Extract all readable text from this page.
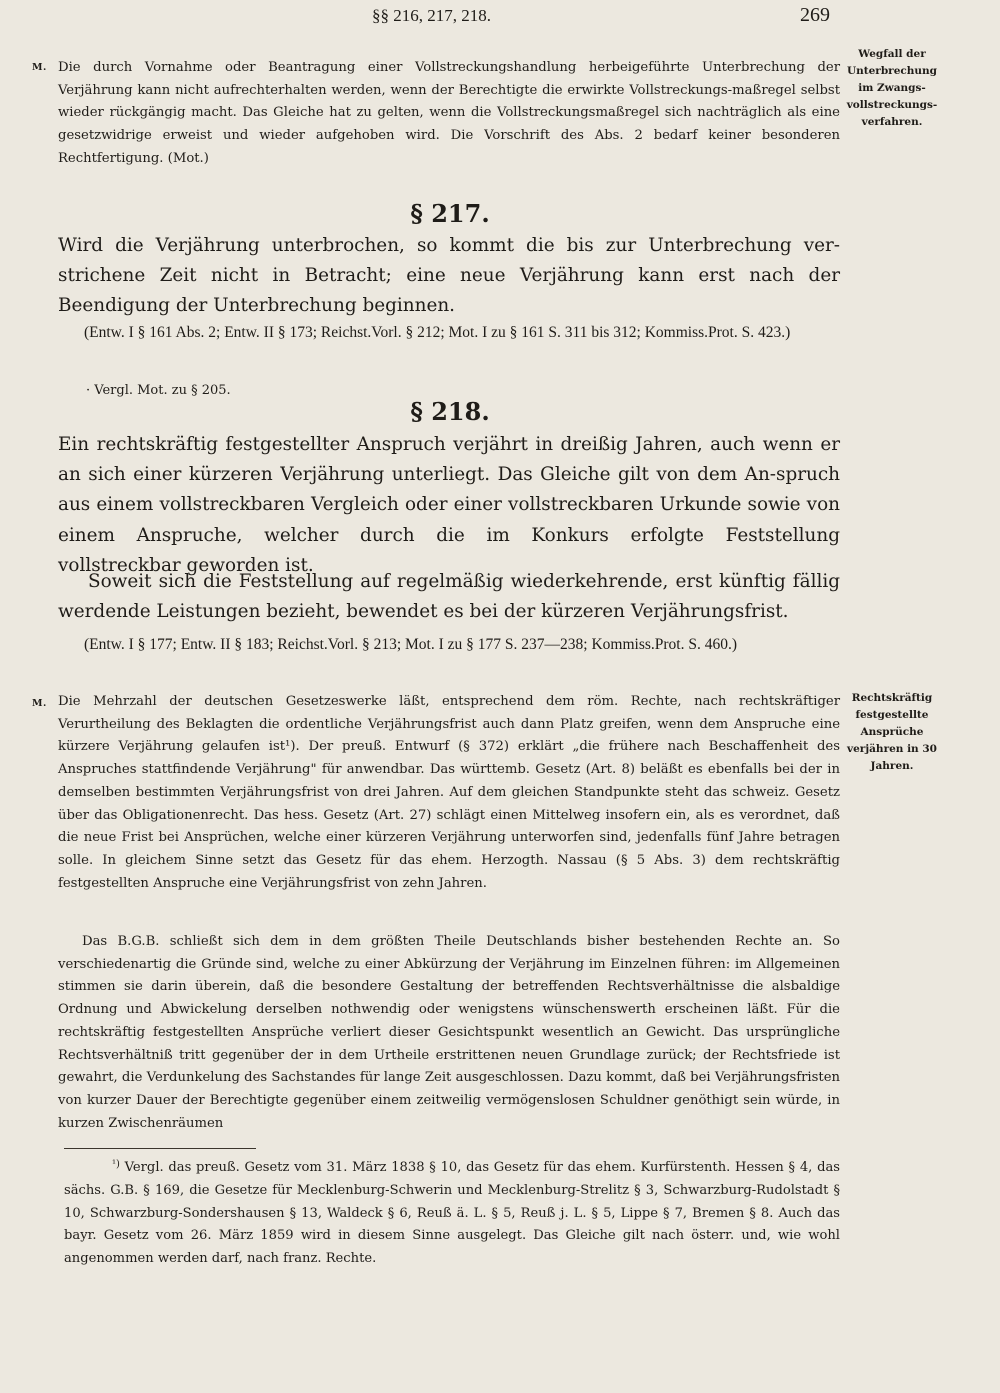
§§ 216, 217, 218.	269
M. Die durch Vornahme oder Beantragung einer Vollstreckungshandlung herbeigeführte Unterbrechung der Verjährung kann nicht aufrechterhalten werden, wenn der Berechtigte die erwirkte Vollstreckungs-maßregel selbst wieder rückgängig macht. Das Gleiche hat zu gelten, wenn die Vollstreckungsmaßregel sich nachträglich als eine gesetzwidrige erweist und wieder aufgehoben wird. Die Vorschrift des Abs. 2 bedarf keiner besonderen Rechtfertigung. (Mot.)
Wegfall der Unterbrechung im Zwangs-vollstreckungs-verfahren.
§ 217.
Wird die Verjährung unterbrochen, so kommt die bis zur Unterbrechung ver-strichene Zeit nicht in Betracht; eine neue Verjährung kann erst nach der Beendigung der Unterbrechung beginnen.
(Entw. I § 161 Abs. 2; Entw. II § 173; Reichst.Vorl. § 212; Mot. I zu § 161 S. 311 bis 312; Kommiss.Prot. S. 423.)
· Vergl. Mot. zu § 205.
§ 218.
Ein rechtskräftig festgestellter Anspruch verjährt in dreißig Jahren, auch wenn er an sich einer kürzeren Verjährung unterliegt. Das Gleiche gilt von dem An-spruch aus einem vollstreckbaren Vergleich oder einer vollstreckbaren Urkunde sowie von einem Anspruche, welcher durch die im Konkurs erfolgte Feststellung vollstreckbar geworden ist.
Soweit sich die Feststellung auf regelmäßig wiederkehrende, erst künftig fällig werdende Leistungen bezieht, bewendet es bei der kürzeren Verjährungsfrist.
(Entw. I § 177; Entw. II § 183; Reichst.Vorl. § 213; Mot. I zu § 177 S. 237—238; Kommiss.Prot. S. 460.)
M. Die Mehrzahl der deutschen Gesetzeswerke läßt, entsprechend dem röm. Rechte, nach rechtskräftiger Verurtheilung des Beklagten die ordentliche Verjährungsfrist auch dann Platz greifen, wenn dem Anspruche eine kürzere Verjährung gelaufen ist¹). Der preuß. Entwurf (§ 372) erklärt „die frühere nach Beschaffenheit des Anspruches stattfindende Verjährung" für anwendbar. Das württemb. Gesetz (Art. 8) beläßt es ebenfalls bei der in demselben bestimmten Verjährungsfrist von drei Jahren. Auf dem gleichen Standpunkte steht das schweiz. Gesetz über das Obligationenrecht. Das hess. Gesetz (Art. 27) schlägt einen Mittelweg insofern ein, als es verordnet, daß die neue Frist bei Ansprüchen, welche einer kürzeren Verjährung unterworfen sind, jedenfalls fünf Jahre betragen solle. In gleichem Sinne setzt das Gesetz für das ehem. Herzogth. Nassau (§ 5 Abs. 3) dem rechtskräftig festgestellten Anspruche eine Verjährungsfrist von zehn Jahren.
Rechtskräftig festgestellte Ansprüche verjähren in 30 Jahren.
Das B.G.B. schließt sich dem in dem größten Theile Deutschlands bisher bestehenden Rechte an. So verschiedenartig die Gründe sind, welche zu einer Abkürzung der Verjährung im Einzelnen führen: im Allgemeinen stimmen sie darin überein, daß die besondere Gestaltung der betreffenden Rechtsverhältnisse die alsbaldige Ordnung und Abwickelung derselben nothwendig oder wenigstens wünschenswerth erscheinen läßt. Für die rechtskräftig festgestellten Ansprüche verliert dieser Gesichtspunkt wesentlich an Gewicht. Das ursprüngliche Rechtsverhältniß tritt gegenüber der in dem Urtheile erstrittenen neuen Grundlage zurück; der Rechtsfriede ist gewahrt, die Verdunkelung des Sachstandes für lange Zeit ausgeschlossen. Dazu kommt, daß bei Verjährungsfristen von kurzer Dauer der Berechtigte gegenüber einem zeitweilig vermögenslosen Schuldner genöthigt sein würde, in kurzen Zwischenräumen
$^{^1)}$ Vergl. das preuß. Gesetz vom 31. März 1838 § 10, das Gesetz für das ehem. Kurfürstenth. Hessen § 4, das sächs. G.B. § 169, die Gesetze für Mecklenburg-Schwerin und Mecklenburg-Strelitz § 3, Schwarzburg-Rudolstadt § 10, Schwarzburg-Sondershausen § 13, Waldeck § 6, Reuß ä. L. § 5, Reuß j. L. § 5, Lippe § 7, Bremen § 8. Auch das bayr. Gesetz vom 26. März 1859 wird in diesem Sinne ausgelegt. Das Gleiche gilt nach österr. und, wie wohl angenommen werden darf, nach franz. Rechte.
